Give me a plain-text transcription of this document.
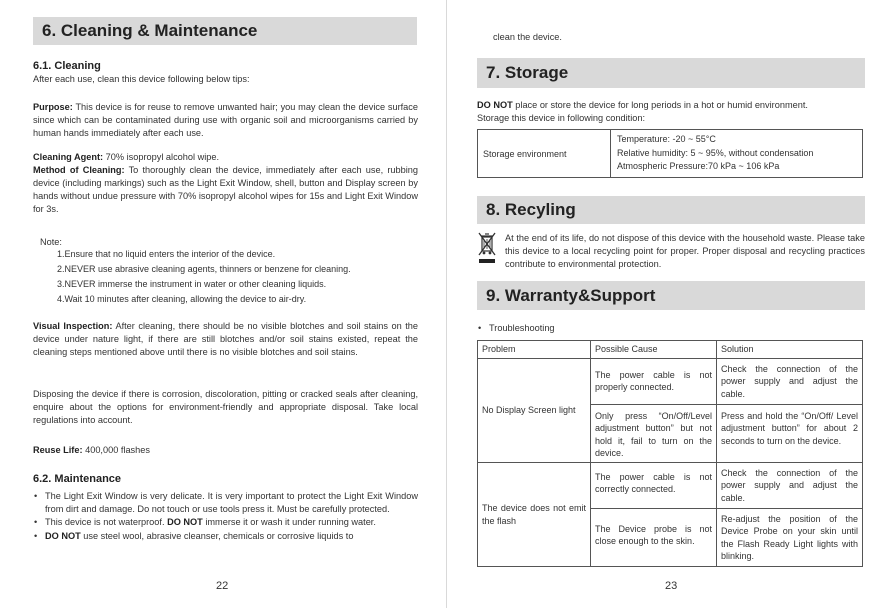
6. Cleaning & Maintenance
6.1. Cleaning
After each use, clean this device following below tips:
Purpose: This device is for reuse to remove unwanted hair; you may clean the device surface since which can be contaminated during use with organic soil and microorganisms carried by human hands immediately after each use.
Cleaning Agent: 70% isopropyl alcohol wipe.
Method of Cleaning: To thoroughly clean the device, immediately after each use, rubbing device (including markings) such as the Light Exit Window, shell, button and Display screen by hands without undue pressure with 70% isopropyl alcohol wipes for 15s and Light Exit Window for 3s.
Note:
1.Ensure that no liquid enters the interior of the device.
2.NEVER use abrasive cleaning agents, thinners or benzene for cleaning.
3.NEVER immerse the instrument in water or other cleaning liquids.
4.Wait 10 minutes after cleaning, allowing the device to air-dry.
Visual Inspection: After cleaning, there should be no visible blotches and soil stains on the device under nature light, if there are still blotches and/or soil stains existed, repeat the cleaning steps mentioned above until there is no visible blotches and soil stains.
Disposing the device if there is corrosion, discoloration, pitting or cracked seals after cleaning, enquire about the options for environment-friendly and appropriate disposal. Take local regulations into account.
Reuse Life: 400,000 flashes
6.2. Maintenance
• The Light Exit Window is very delicate. It is very important to protect the Light Exit Window from dirt and damage. Do not touch or use tools press it. Must be carefully protected.
• This device is not waterproof. DO NOT immerse it or wash it under running water.
• DO NOT use steel wool, abrasive cleanser, chemicals or corrosive liquids to
22
clean the device.
7. Storage
DO NOT place or store the device for long periods in a hot or humid environment.
Storage this device in following condition:
Storage environment	
Temperature: -20 ~ 55°C
Relative humidity: 5 ~ 95%, without condensation
Atmospheric Pressure:70 kPa ~ 106 kPa
8. Recyling
At the end of its life, do not dispose of this device with the household waste. Please take this device to a local recycling point for proper. Proper disposal and recycling practices contribute to environmental protection.
9. Warranty&Support
• Troubleshooting
Problem	Possible Cause	Solution
No Display Screen light	The power cable is not properly connected.	Check the connection of the power supply and adjust the cable.
	Only press “On/Off/Level adjustment button” but not hold it, fail to turn on the device.	Press and hold the “On/Off/ Level adjustment button” for about 2 seconds to turn on the device.
The device does not emit the flash	The power cable is not correctly connected.	Check the connection of the power supply and adjust the cable.
	The Device probe is not close enough to the skin.	Re-adjust the position of the Device Probe on your skin until the Flash Ready Light lights with blinking.
23
